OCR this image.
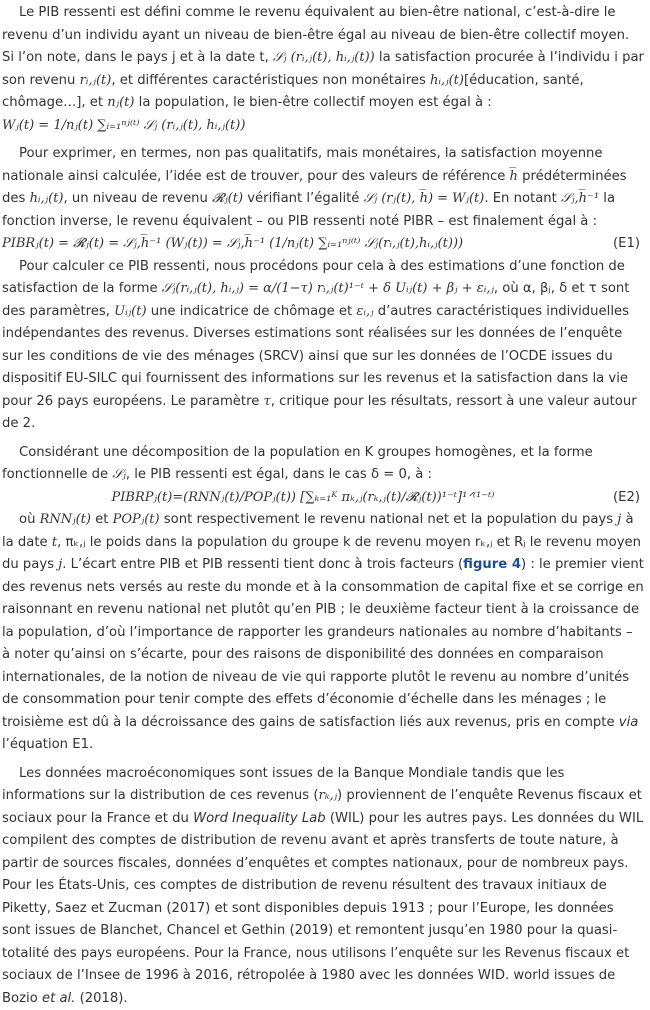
Le PIB ressenti est défini comme le revenu équivalent au bien-être national, c’est-à-dire le revenu d’un individu ayant un niveau de bien-être égal au niveau de bien-être collectif moyen. Si l’on note, dans le pays j et à la date t, 𝒮ⱼ (rᵢ,ⱼ(t), hᵢ,ⱼ(t)) la satisfaction procurée à l’individu i par son revenu rᵢ,ⱼ(t), et différentes caractéristiques non monétaires hᵢ,ⱼ(t)[éducation, santé, chômage…], et nⱼ(t) la population, le bien-être collectif moyen est égal à :

Wⱼ(t) = 1/nⱼ(t) ∑ᵢ₌₁ⁿʲ⁽ᵗ⁾ 𝒮ⱼ (rᵢ,ⱼ(t), hᵢ,ⱼ(t))

Pour exprimer, en termes, non pas qualitatifs, mais monétaires, la satisfaction moyenne nationale ainsi calculée, l’idée est de trouver, pour des valeurs de référence h̅ prédéterminées des hᵢ,ⱼ(t), un niveau de revenu 𝓡ⱼ(t) vérifiant l’égalité 𝒮ⱼ (rⱼ(t), h̅) = Wⱼ(t). En notant 𝒮ⱼ,h̅⁻¹ la fonction inverse, le revenu équivalent – ou PIB ressenti noté PIBR – est finalement égal à :

PIBRⱼ(t) = 𝓡ⱼ(t) = 𝒮ⱼ,h̅⁻¹ (Wⱼ(t)) = 𝒮ⱼ,h̅⁻¹ (1/nⱼ(t) ∑ᵢ₌₁ⁿʲ⁽ᵗ⁾ 𝒮ⱼ(rᵢ,ⱼ(t),hᵢ,ⱼ(t)))	(E1)

Pour calculer ce PIB ressenti, nous procédons pour cela à des estimations d’une fonction de satisfaction de la forme 𝒮ⱼ(rᵢ,ⱼ(t), hᵢ,ⱼ) = α/(1−τ) rᵢ,ⱼ(t)¹⁻ᵗ + δ Uᵢⱼ(t) + βⱼ + εᵢ,ⱼ, où α, βⱼ, δ et τ sont des paramètres, Uᵢⱼ(t) une indicatrice de chômage et εᵢ,ⱼ d’autres caractéristiques individuelles indépendantes des revenus. Diverses estimations sont réalisées sur les données de l’enquête sur les conditions de vie des ménages (SRCV) ainsi que sur les données de l’OCDE issues du dispositif EU-SILC qui fournissent des informations sur les revenus et la satisfaction dans la vie pour 26 pays européens. Le paramètre τ, critique pour les résultats, ressort à une valeur autour de 2.

Considérant une décomposition de la population en K groupes homogènes, et la forme fonctionnelle de 𝒮ⱼ, le PIB ressenti est égal, dans le cas δ = 0, à :

PIBRPⱼ(t)=(RNNⱼ(t)/POPⱼ(t)) [∑ₖ₌₁ᴷ πₖ,ⱼ(rₖ,ⱼ(t)/𝓡ⱼ(t))¹⁻ᵗ]¹ᐟ⁽¹⁻ᵗ⁾	(E2)

où RNNⱼ(t) et POPⱼ(t) sont respectivement le revenu national net et la population du pays j à la date t, πₖ,ⱼ le poids dans la population du groupe k de revenu moyen rₖ,ⱼ et Rⱼ le revenu moyen du pays j. L’écart entre PIB et PIB ressenti tient donc à trois facteurs (figure 4) : le premier vient des revenus nets versés au reste du monde et à la consommation de capital fixe et se corrige en raisonnant en revenu national net plutôt qu’en PIB ; le deuxième facteur tient à la croissance de la population, d’où l’importance de rapporter les grandeurs nationales au nombre d’habitants – à noter qu’ainsi on s’écarte, pour des raisons de disponibilité des données en comparaison internationales, de la notion de niveau de vie qui rapporte plutôt le revenu au nombre d’unités de consommation pour tenir compte des effets d’économie d’échelle dans les ménages ; le troisième est dû à la décroissance des gains de satisfaction liés aux revenus, pris en compte via l’équation E1.

Les données macroéconomiques sont issues de la Banque Mondiale tandis que les informations sur la distribution de ces revenus (rₖ,ⱼ) proviennent de l’enquête Revenus fiscaux et sociaux pour la France et du Word Inequality Lab (WIL) pour les autres pays. Les données du WIL compilent des comptes de distribution de revenu avant et après transferts de toute nature, à partir de sources fiscales, données d’enquêtes et comptes nationaux, pour de nombreux pays. Pour les États-Unis, ces comptes de distribution de revenu résultent des travaux initiaux de Piketty, Saez et Zucman (2017) et sont disponibles depuis 1913 ; pour l’Europe, les données sont issues de Blanchet, Chancel et Gethin (2019) et remontent jusqu’en 1980 pour la quasi-totalité des pays européens. Pour la France, nous utilisons l’enquête sur les Revenus fiscaux et sociaux de l’Insee de 1996 à 2016, rétropolée à 1980 avec les données WID. world issues de Bozio et al. (2018).
